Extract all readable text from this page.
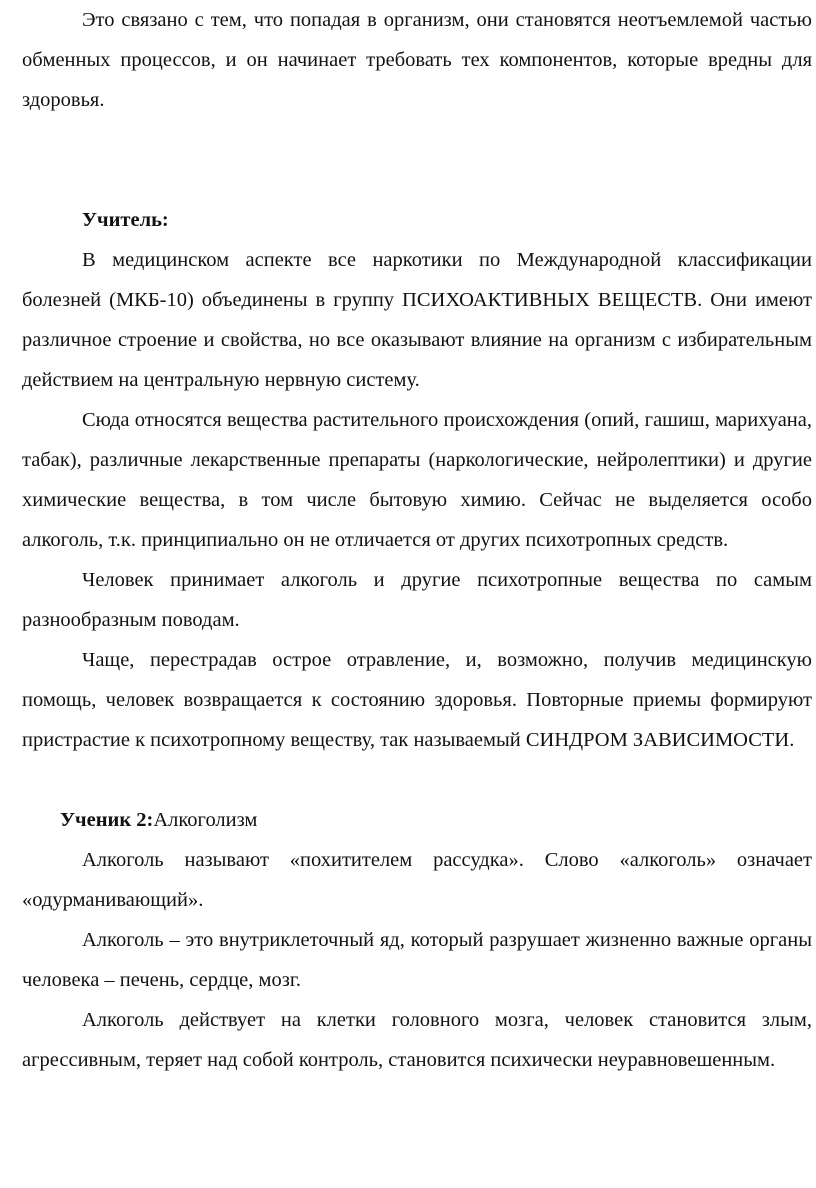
Это связано с тем, что попадая в организм, они становятся неотъемлемой частью обменных процессов, и он начинает требовать тех компонентов, которые вредны для здоровья.

Учитель:

В медицинском аспекте все наркотики по Международной классификации болезней (МКБ-10) объединены в группу ПСИХОАКТИВНЫХ ВЕЩЕСТВ. Они имеют различное строение и свойства, но все оказывают влияние на организм с избирательным действием на центральную нервную систему.

Сюда относятся вещества растительного происхождения (опий, гашиш, марихуана, табак), различные лекарственные препараты (наркологические, нейролептики) и другие химические вещества, в том числе бытовую химию. Сейчас не выделяется особо алкоголь, т.к. принципиально он не отличается от других психотропных средств.

Человек принимает алкоголь и другие психотропные вещества по самым разнообразным поводам.

Чаще, перестрадав острое отравление, и, возможно, получив медицинскую помощь, человек возвращается к состоянию здоровья. Повторные приемы формируют пристрастие к психотропному веществу, так называемый СИНДРОМ ЗАВИСИМОСТИ.

Ученик 2:Алкоголизм

Алкоголь называют «похитителем рассудка». Слово «алкоголь» означает «одурманивающий».

Алкоголь – это внутриклеточный яд, который разрушает жизненно важные органы человека – печень, сердце, мозг.

Алкоголь действует на клетки головного мозга, человек становится злым, агрессивным, теряет над собой контроль, становится психически неуравновешенным.
